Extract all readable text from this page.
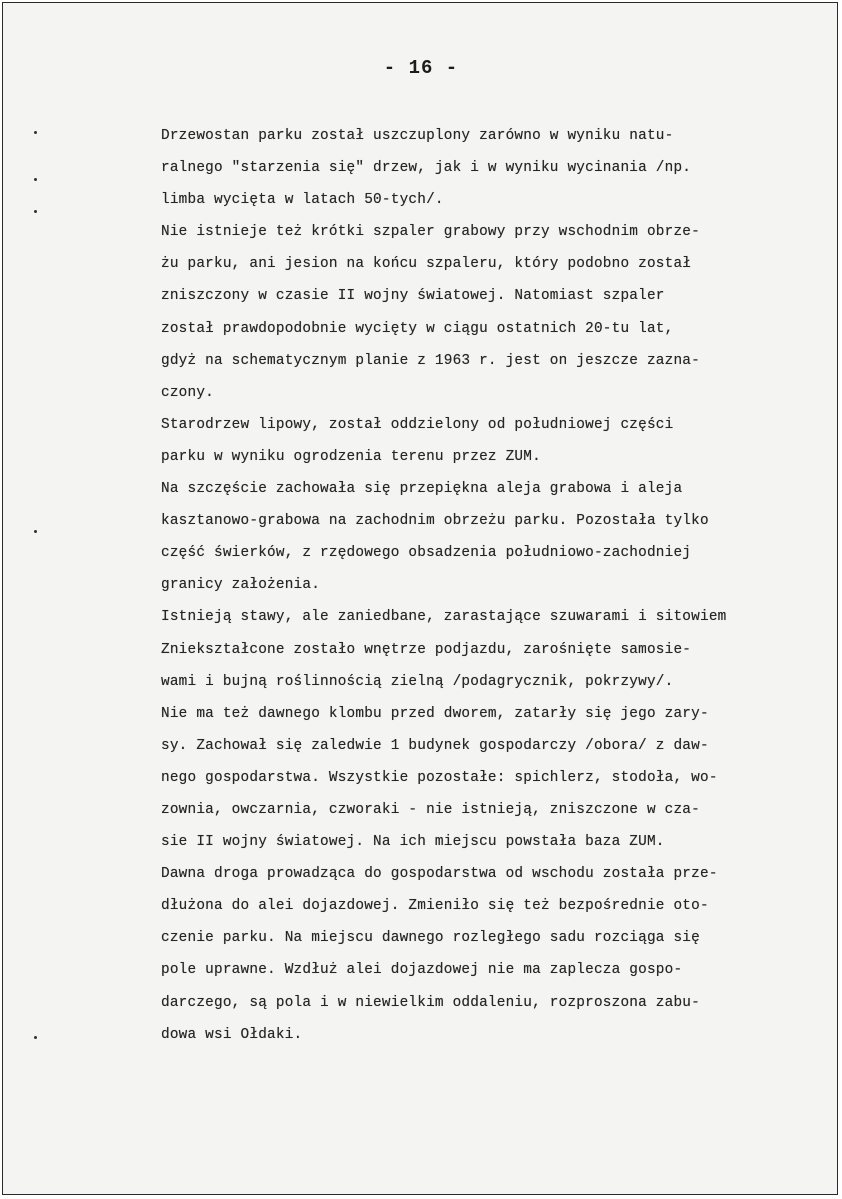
- 16 -
Drzewostan parku został uszczuplony zarówno w wyniku natu-
ralnego "starzenia się" drzew, jak i w wyniku wycinania /np.
limba wycięta w latach 50-tych/.
Nie istnieje też krótki szpaler grabowy przy wschodnim obrze-
żu parku, ani jesion na końcu szpaleru, który podobno został
zniszczony w czasie II wojny światowej. Natomiast szpaler
został prawdopodobnie wycięty w ciągu ostatnich 20-tu lat,
gdyż na schematycznym planie z 1963 r. jest on jeszcze zazna-
czony.
Starodrzew lipowy, został oddzielony od południowej części
parku w wyniku ogrodzenia terenu przez ZUM.
Na szczęście zachowała się przepiękna aleja grabowa i aleja
kasztanowo-grabowa na zachodnim obrzeżu parku. Pozostała tylko
część świerków, z rzędowego obsadzenia południowo-zachodniej
granicy założenia.
Istnieją stawy, ale zaniedbane, zarastające szuwarami i sitowiem
Zniekształcone zostało wnętrze podjazdu, zarośnięte samosie-
wami i bujną roślinnością zielną /podagrycznik, pokrzywy/.
Nie ma też dawnego klombu przed dworem, zatarły się jego zary-
sy. Zachował się zaledwie 1 budynek gospodarczy /obora/ z daw-
nego gospodarstwa. Wszystkie pozostałe: spichlerz, stodoła, wo-
zownia, owczarnia, czworaki - nie istnieją, zniszczone w cza-
sie II wojny światowej. Na ich miejscu powstała baza ZUM.
Dawna droga prowadząca do gospodarstwa od wschodu została prze-
dłużona do alei dojazdowej. Zmieniło się też bezpośrednie oto-
czenie parku. Na miejscu dawnego rozległego sadu rozciąga się
pole uprawne. Wzdłuż alei dojazdowej nie ma zaplecza gospo-
darczego, są pola i w niewielkim oddaleniu, rozproszona zabu-
dowa wsi Ołdaki.
